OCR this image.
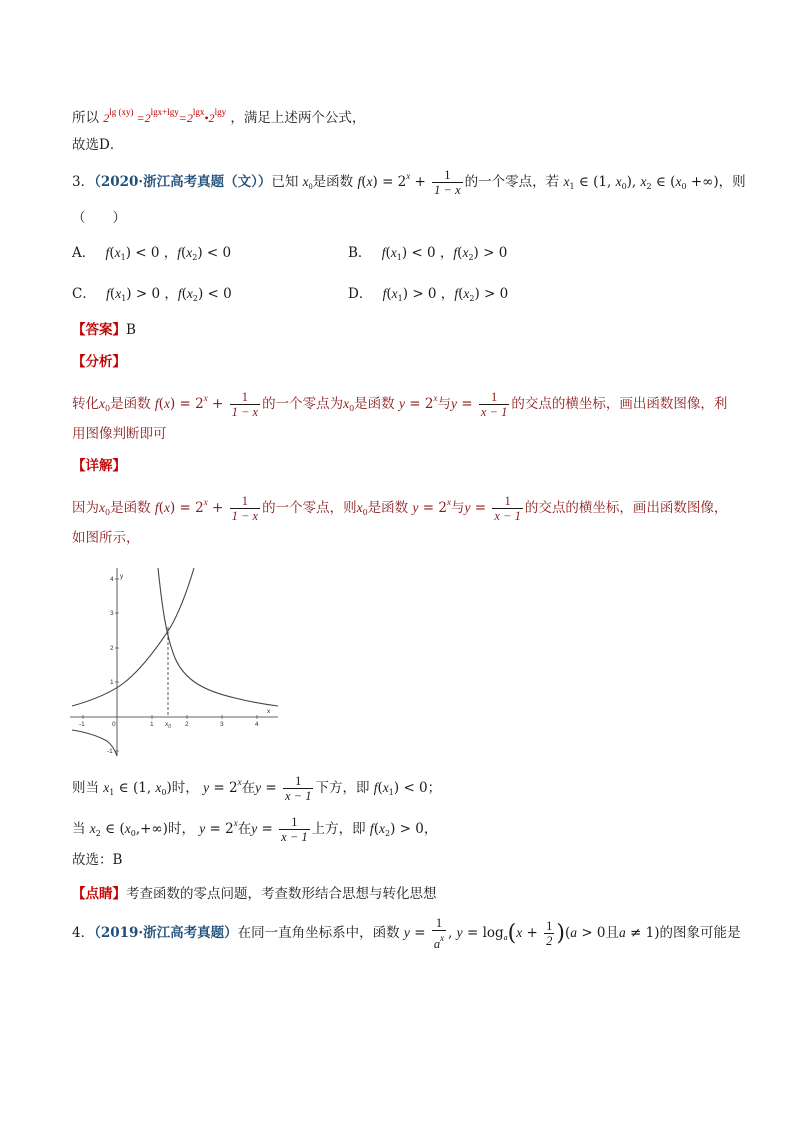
所以 $2^{lg (xy)}$ $=2^{lgx+lgy}=2^{lgx}•2^{lgy}$ ，满足上述两个公式，
故选D．
3．（2020·浙江高考真题（文））已知 $x_0$是函数 $f(x) = 2^x + \frac{1}{1 - x}$ 的一个零点，若 $x_1$ ∈ (1, $x_0$), $x_2$ ∈ ($x_0$ +∞)，则
（　　）
A． $f(x_1) < 0$ ，$f(x_2) < 0$	B． $f(x_1) < 0$ ，$f(x_2) > 0$
C． $f(x_1) > 0$ ，$f(x_2) < 0$	D． $f(x_1) > 0$ ，$f(x_2) > 0$
【答案】B
【分析】
转化$x_0$是函数 $f(x) = 2^x + \frac{1}{1 - x}$ 的一个零点为$x_0$是函数 $y = 2^x$与$y = \frac{1}{x - 1}$ 的交点的横坐标，画出函数图像，利
用图像判断即可
【详解】
因为$x_0$是函数 $f(x) = 2^x + \frac{1}{1 - x}$ 的一个零点，则$x_0$是函数 $y = 2^x$与$y = \frac{1}{x - 1}$ 的交点的横坐标，画出函数图像，
如图所示，
-1	0	1	2	3	4
4
3
2
1
-1
y
x
$x_0$
则当 $x_1$ ∈ (1, $x_0$)时， $y = 2^x$在$y = \frac{1}{x - 1}$ 下方，即 $f(x_1) < 0$；
当 $x_2$ ∈ $(x_0,+\infty)$时， $y = 2^x$在$y = \frac{1}{x - 1}$ 上方，即 $f(x_2) > 0$，
故选：B
【点睛】考查函数的零点问题，考查数形结合思想与转化思想
4．（2019·浙江高考真题）在同一直角坐标系中，函数 $y = \frac{1}{a^x}$ , $y = \log_a(x + \frac{1}{2} )(a > 0$且a ≠ 1)的图象可能是
